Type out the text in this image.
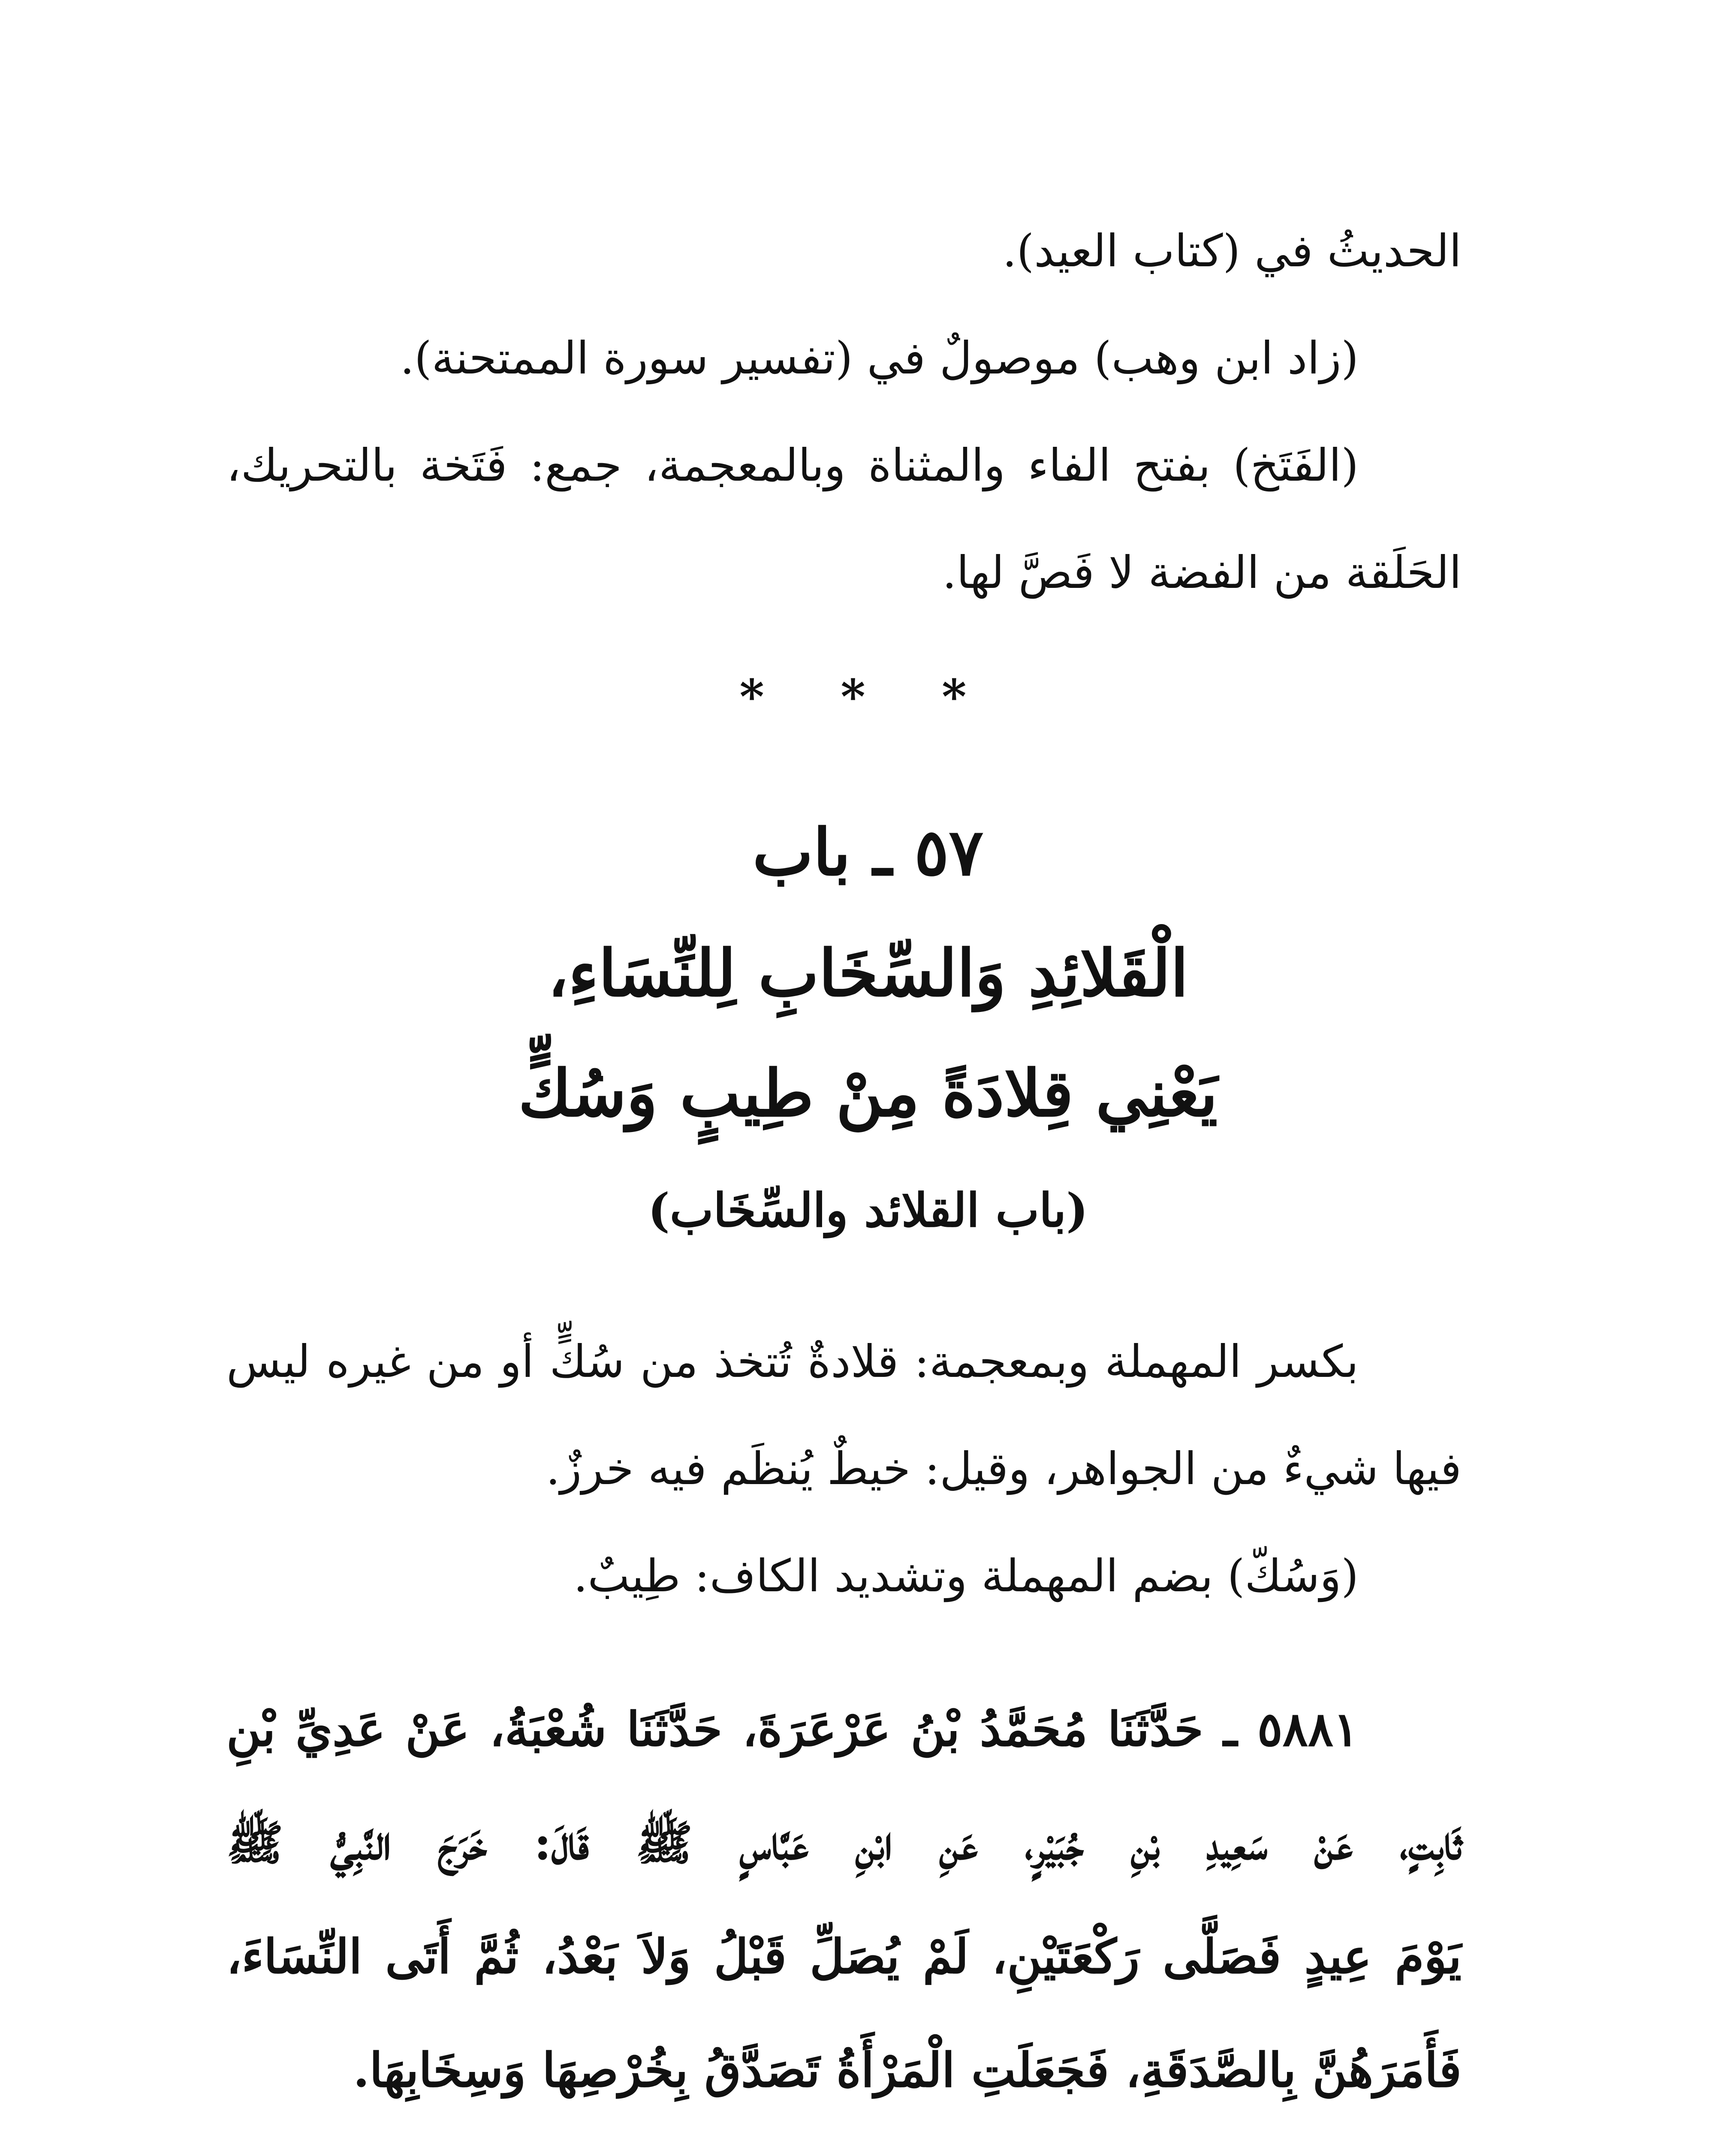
الحديثُ في (كتاب العيد).
(زاد ابن وهب) موصولٌ في (تفسير سورة الممتحنة).
(الفَتَخ) بفتح الفاء والمثناة وبالمعجمة، جمع: فَتَخة بالتحريك،
الحَلَقة من الفضة لا فَصَّ لها.
* * *
٥٧ ـ باب
الْقَلائِدِ وَالسِّخَابِ لِلنِّسَاءِ،
يَعْنِي قِلادَةً مِنْ طِيبٍ وَسُكٍّ
(باب القلائد والسِّخَاب)
بكسر المهملة وبمعجمة: قلادةٌ تُتخذ من سُكٍّ أو من غيره ليس
فيها شيءٌ من الجواهر، وقيل: خيطٌ يُنظَم فيه خرزٌ.
(وَسُكّ) بضم المهملة وتشديد الكاف: طِيبٌ.
٥٨٨١ ـ حَدَّثَنَا مُحَمَّدُ بْنُ عَرْعَرَةَ، حَدَّثَنَا شُعْبَةُ، عَنْ عَدِيِّ بْنِ
ثَابِتٍ، عَنْ سَعِيدِ بْنِ جُبَيْرٍ، عَنِ ابْنِ عَبَّاسٍ ﷺ قَالَ: خَرَجَ النَّبِيُّ ﷺ
يَوْمَ عِيدٍ فَصَلَّى رَكْعَتَيْنِ، لَمْ يُصَلِّ قَبْلُ وَلاَ بَعْدُ، ثُمَّ أَتَى النِّسَاءَ،
فَأَمَرَهُنَّ بِالصَّدَقَةِ، فَجَعَلَتِ الْمَرْأَةُ تَصَدَّقُ بِخُرْصِهَا وَسِخَابِهَا.
